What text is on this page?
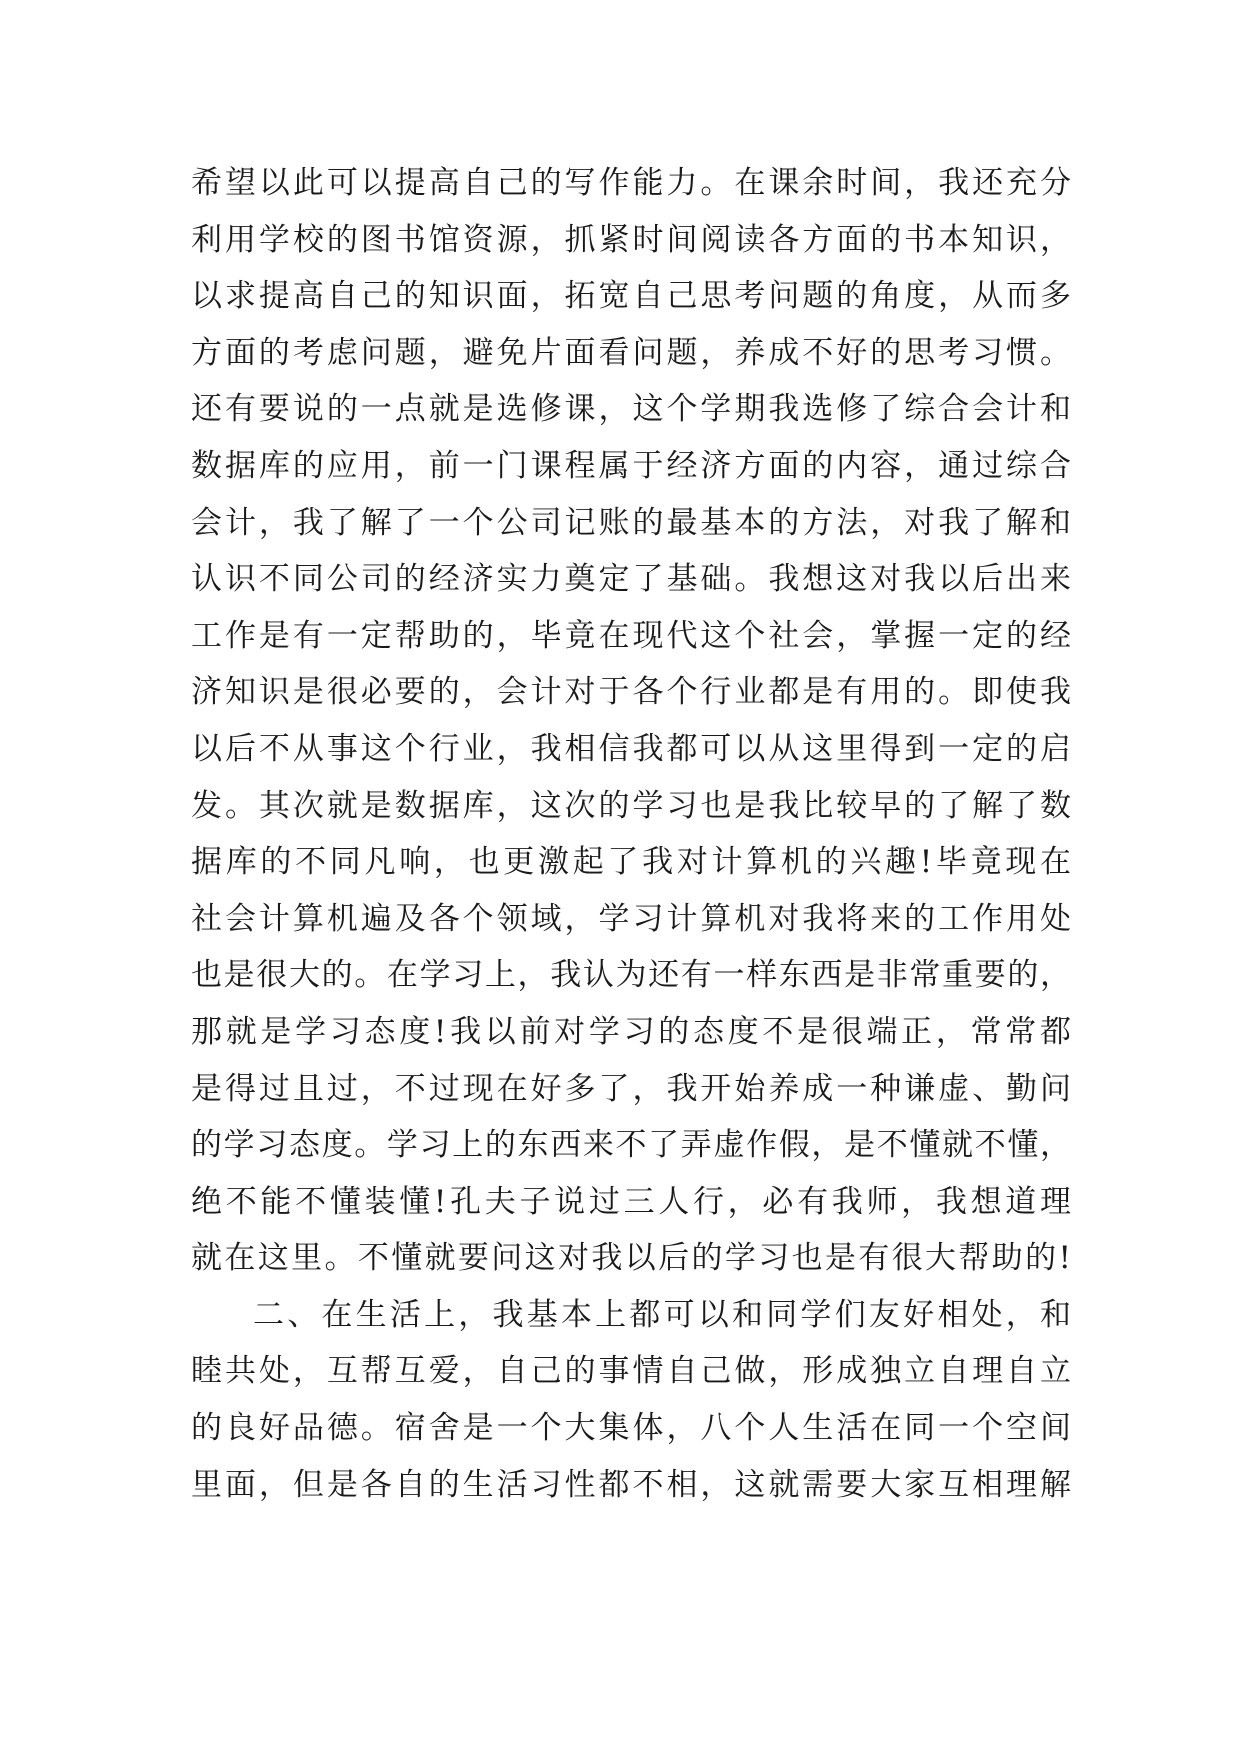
希望以此可以提高自己的写作能力。在课余时间，我还充分
利用学校的图书馆资源，抓紧时间阅读各方面的书本知识，
以求提高自己的知识面，拓宽自己思考问题的角度，从而多
方面的考虑问题，避免片面看问题，养成不好的思考习惯。
还有要说的一点就是选修课，这个学期我选修了综合会计和
数据库的应用，前一门课程属于经济方面的内容，通过综合
会计，我了解了一个公司记账的最基本的方法，对我了解和
认识不同公司的经济实力奠定了基础。我想这对我以后出来
工作是有一定帮助的，毕竟在现代这个社会，掌握一定的经
济知识是很必要的，会计对于各个行业都是有用的。即使我
以后不从事这个行业，我相信我都可以从这里得到一定的启
发。其次就是数据库，这次的学习也是我比较早的了解了数
据库的不同凡响，也更激起了我对计算机的兴趣!毕竟现在
社会计算机遍及各个领域，学习计算机对我将来的工作用处
也是很大的。在学习上，我认为还有一样东西是非常重要的，
那就是学习态度!我以前对学习的态度不是很端正，常常都
是得过且过，不过现在好多了，我开始养成一种谦虚、勤问
的学习态度。学习上的东西来不了弄虚作假，是不懂就不懂，
绝不能不懂装懂!孔夫子说过三人行，必有我师，我想道理
就在这里。不懂就要问这对我以后的学习也是有很大帮助的!
二、在生活上，我基本上都可以和同学们友好相处，和
睦共处，互帮互爱，自己的事情自己做，形成独立自理自立
的良好品德。宿舍是一个大集体，八个人生活在同一个空间
里面，但是各自的生活习性都不相，这就需要大家互相理解
